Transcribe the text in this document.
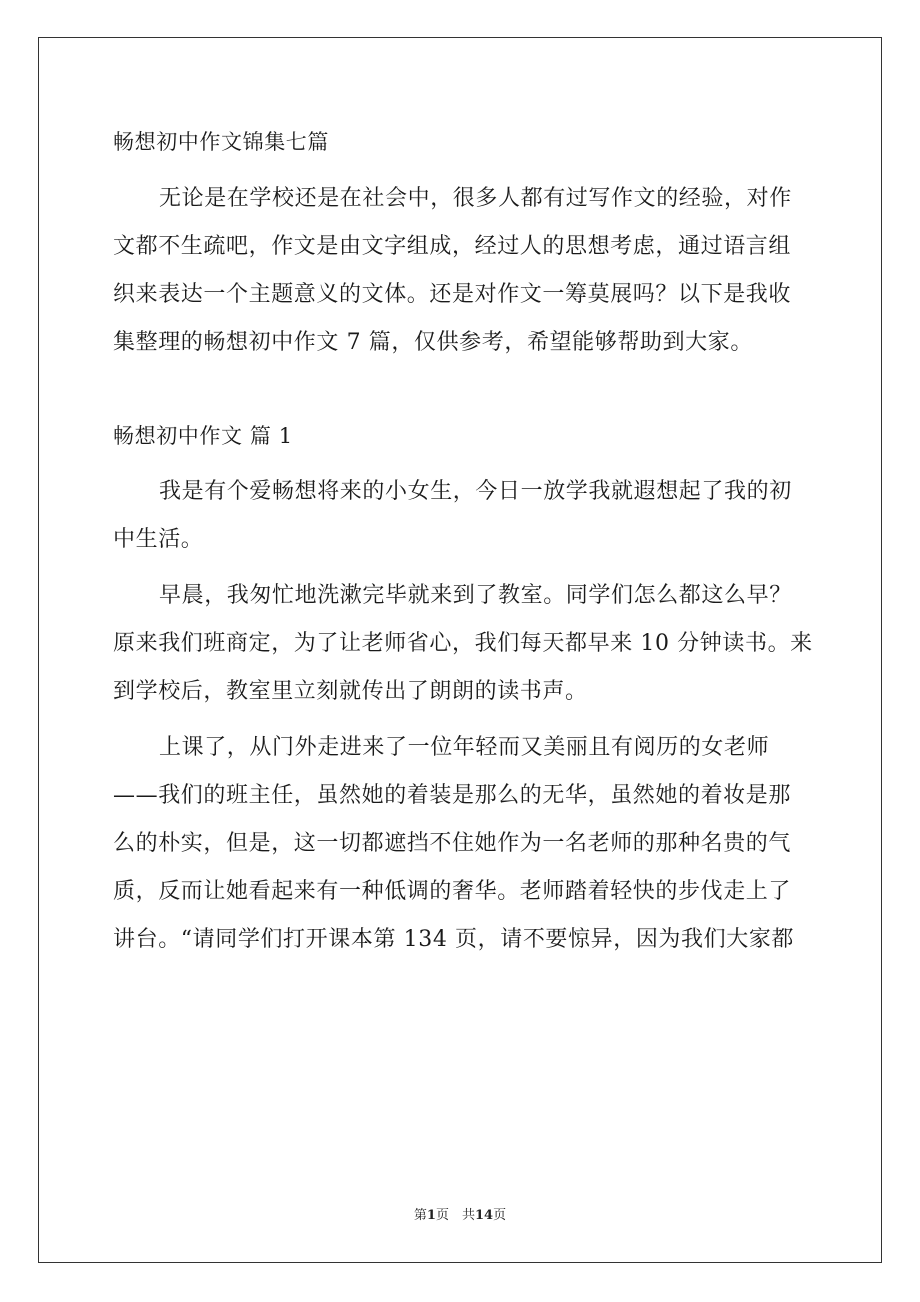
畅想初中作文锦集七篇
无论是在学校还是在社会中，很多人都有过写作文的经验，对作
文都不生疏吧，作文是由文字组成，经过人的思想考虑，通过语言组
织来表达一个主题意义的文体。还是对作文一筹莫展吗？以下是我收
集整理的畅想初中作文 7 篇，仅供参考，希望能够帮助到大家。
畅想初中作文 篇 1
我是有个爱畅想将来的小女生，今日一放学我就遐想起了我的初
中生活。
早晨，我匆忙地洗漱完毕就来到了教室。同学们怎么都这么早？
原来我们班商定，为了让老师省心，我们每天都早来 10 分钟读书。来
到学校后，教室里立刻就传出了朗朗的读书声。
上课了，从门外走进来了一位年轻而又美丽且有阅历的女老师
——我们的班主任，虽然她的着装是那么的无华，虽然她的着妆是那
么的朴实，但是，这一切都遮挡不住她作为一名老师的那种名贵的气
质，反而让她看起来有一种低调的奢华。老师踏着轻快的步伐走上了
讲台。“请同学们打开课本第 134 页，请不要惊异，因为我们大家都
第1页　共14页
